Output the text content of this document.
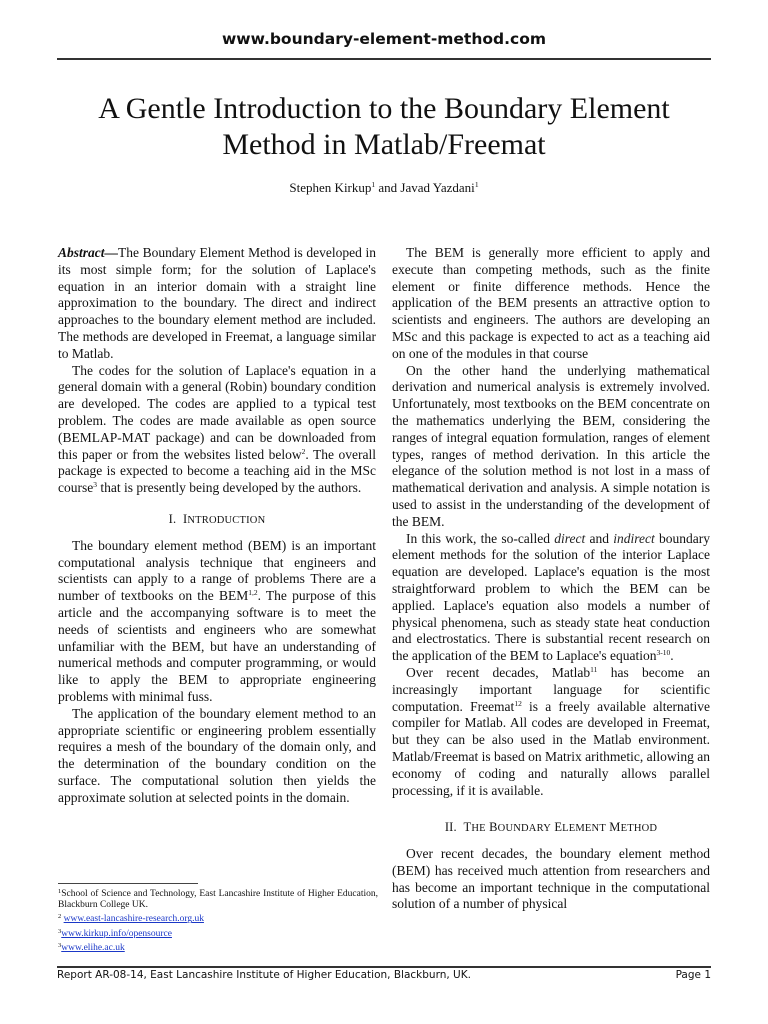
www.boundary-element-method.com
A Gentle Introduction to the Boundary Element
Method in Matlab/Freemat
Stephen Kirkup$^1$ and Javad Yazdani$^1$

Abstract—The Boundary Element Method is developed in its most simple form; for the solution of Laplace's equation in an interior domain with a straight line approximation to the boundary. The direct and indirect approaches to the boundary element method are included. The methods are developed in Freemat, a language similar to Matlab.

The codes for the solution of Laplace's equation in a general domain with a general (Robin) boundary condition are developed. The codes are applied to a typical test problem. The codes are made available as open source (BEMLAP-MAT package) and can be downloaded from this paper or from the websites listed below$^2$. The overall package is expected to become a teaching aid in the MSc course$^3$ that is presently being developed by the authors.

I. INTRODUCTION

The boundary element method (BEM) is an important computational analysis technique that engineers and scientists can apply to a range of problems There are a number of textbooks on the BEM$^{1,2}$. The purpose of this article and the accompanying software is to meet the needs of scientists and engineers who are somewhat unfamiliar with the BEM, but have an understanding of numerical methods and computer programming, or would like to apply the BEM to appropriate engineering problems with minimal fuss.

The application of the boundary element method to an appropriate scientific or engineering problem essentially requires a mesh of the boundary of the domain only, and the determination of the boundary condition on the surface. The computational solution then yields the approximate solution at selected points in the domain.

The BEM is generally more efficient to apply and execute than competing methods, such as the finite element or finite difference methods. Hence the application of the BEM presents an attractive option to scientists and engineers. The authors are developing an MSc and this package is expected to act as a teaching aid on one of the modules in that course

On the other hand the underlying mathematical derivation and numerical analysis is extremely involved. Unfortunately, most textbooks on the BEM concentrate on the mathematics underlying the BEM, considering the ranges of integral equation formulation, ranges of element types, ranges of method derivation. In this article the elegance of the solution method is not lost in a mass of mathematical derivation and analysis. A simple notation is used to assist in the understanding of the development of the BEM.

In this work, the so-called direct and indirect boundary element methods for the solution of the interior Laplace equation are developed. Laplace's equation is the most straightforward problem to which the BEM can be applied. Laplace's equation also models a number of physical phenomena, such as steady state heat conduction and electrostatics. There is substantial recent research on the application of the BEM to Laplace's equation$^{3-10}$.

Over recent decades, Matlab$^{11}$ has become an increasingly important language for scientific computation. Freemat$^{12}$ is a freely available alternative compiler for Matlab. All codes are developed in Freemat, but they can be also used in the Matlab environment. Matlab/Freemat is based on Matrix arithmetic, allowing an economy of coding and naturally allows parallel processing, if it is available.

II. THE BOUNDARY ELEMENT METHOD

Over recent decades, the boundary element method (BEM) has received much attention from researchers and has become an important technique in the computational solution of a number of physical

$^1$School of Science and Technology, East Lancashire Institute of Higher Education, Blackburn College UK.
$^2$ www.east-lancashire-research.org.uk
$^3$www.kirkup.info/opensource
$^3$www.elihe.ac.uk
Report AR-08-14, East Lancashire Institute of Higher Education, Blackburn, UK.	Page 1
